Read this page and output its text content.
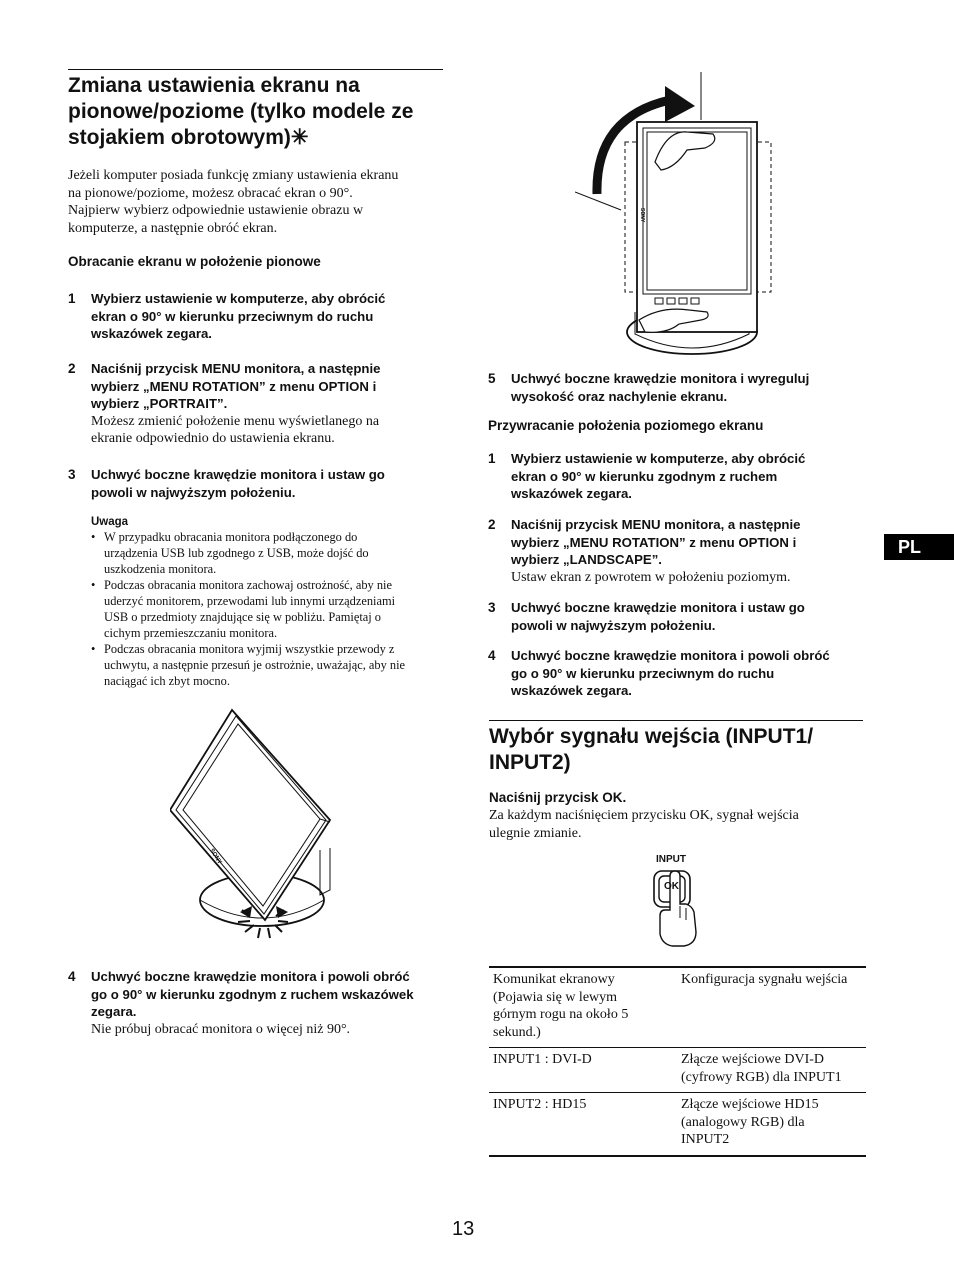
Zmiana ustawienia ekranu na
pionowe/poziome (tylko modele ze
stojakiem obrotowym)✳
Jeżeli komputer posiada funkcję zmiany ustawienia ekranu
na pionowe/poziome, możesz obracać ekran o 90°.
Najpierw wybierz odpowiednie ustawienie obrazu w
komputerze, a następnie obróć ekran.
Obracanie ekranu w położenie pionowe
1 Wybierz ustawienie w komputerze, aby obrócić
ekran o 90° w kierunku przeciwnym do ruchu
wskazówek zegara.
2 Naciśnij przycisk MENU monitora, a następnie
wybierz „MENU ROTATION” z menu OPTION i
wybierz „PORTRAIT”.
Możesz zmienić położenie menu wyświetlanego na
ekranie odpowiednio do ustawienia ekranu.
3 Uchwyć boczne krawędzie monitora i ustaw go
powoli w najwyższym położeniu.
Uwaga
• W przypadku obracania monitora podłączonego do
urządzenia USB lub zgodnego z USB, może dojść do
uszkodzenia monitora.
• Podczas obracania monitora zachowaj ostrożność, aby nie
uderzyć monitorem, przewodami lub innymi urządzeniami
USB o przedmioty znajdujące się w pobliżu. Pamiętaj o
cichym przemieszczaniu monitora.
• Podczas obracania monitora wyjmij wszystkie przewody z
uchwytu, a następnie przesuń je ostrożnie, uważając, aby nie
naciągać ich zbyt mocno.
SONY
4 Uchwyć boczne krawędzie monitora i powoli obróć
go o 90° w kierunku zgodnym z ruchem wskazówek
zegara.
Nie próbuj obracać monitora o więcej niż 90°.
SONY
5 Uchwyć boczne krawędzie monitora i wyreguluj
wysokość oraz nachylenie ekranu.
Przywracanie położenia poziomego ekranu
1 Wybierz ustawienie w komputerze, aby obrócić
ekran o 90° w kierunku zgodnym z ruchem
wskazówek zegara.
2 Naciśnij przycisk MENU monitora, a następnie
wybierz „MENU ROTATION” z menu OPTION i
wybierz „LANDSCAPE”.
Ustaw ekran z powrotem w położeniu poziomym.
3 Uchwyć boczne krawędzie monitora i ustaw go
powoli w najwyższym położeniu.
4 Uchwyć boczne krawędzie monitora i powoli obróć
go o 90° w kierunku przeciwnym do ruchu
wskazówek zegara.
Wybór sygnału wejścia (INPUT1/
INPUT2)
Naciśnij przycisk OK.
Za każdym naciśnięciem przycisku OK, sygnał wejścia
ulegnie zmianie.
INPUT
OK
Komunikat ekranowy
(Pojawia się w lewym
górnym rogu na około 5
sekund.)	Konfiguracja sygnału wejścia

INPUT1 : DVI-D	Złącze wejściowe DVI-D
(cyfrowy RGB) dla INPUT1

INPUT2 : HD15	Złącze wejściowe HD15
(analogowy RGB) dla
INPUT2
PL
13
